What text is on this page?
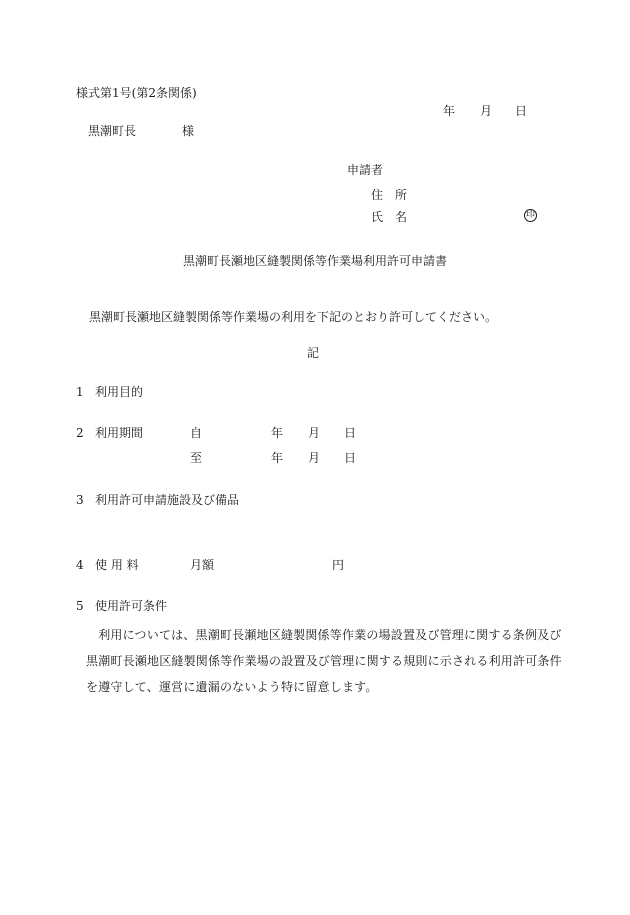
様式第1号(第2条関係)
年 月 日
黒潮町長	様
申請者
住　所
氏　名	印
黒潮町長瀬地区縫製関係等作業場利用許可申請書
黒潮町長瀬地区縫製関係等作業場の利用を下記のとおり許可してください。
記
1 利用目的
2 利用期間	自	年 月 日
至	年 月 日
3 利用許可申請施設及び備品
4 使 用 料	月額	円
5 使用許可条件
　利用については、黒潮町長瀬地区縫製関係等作業の場設置及び管理に関する条例及び
黒潮町長瀬地区縫製関係等作業場の設置及び管理に関する規則に示される利用許可条件
を遵守して、運営に遺漏のないよう特に留意します。
